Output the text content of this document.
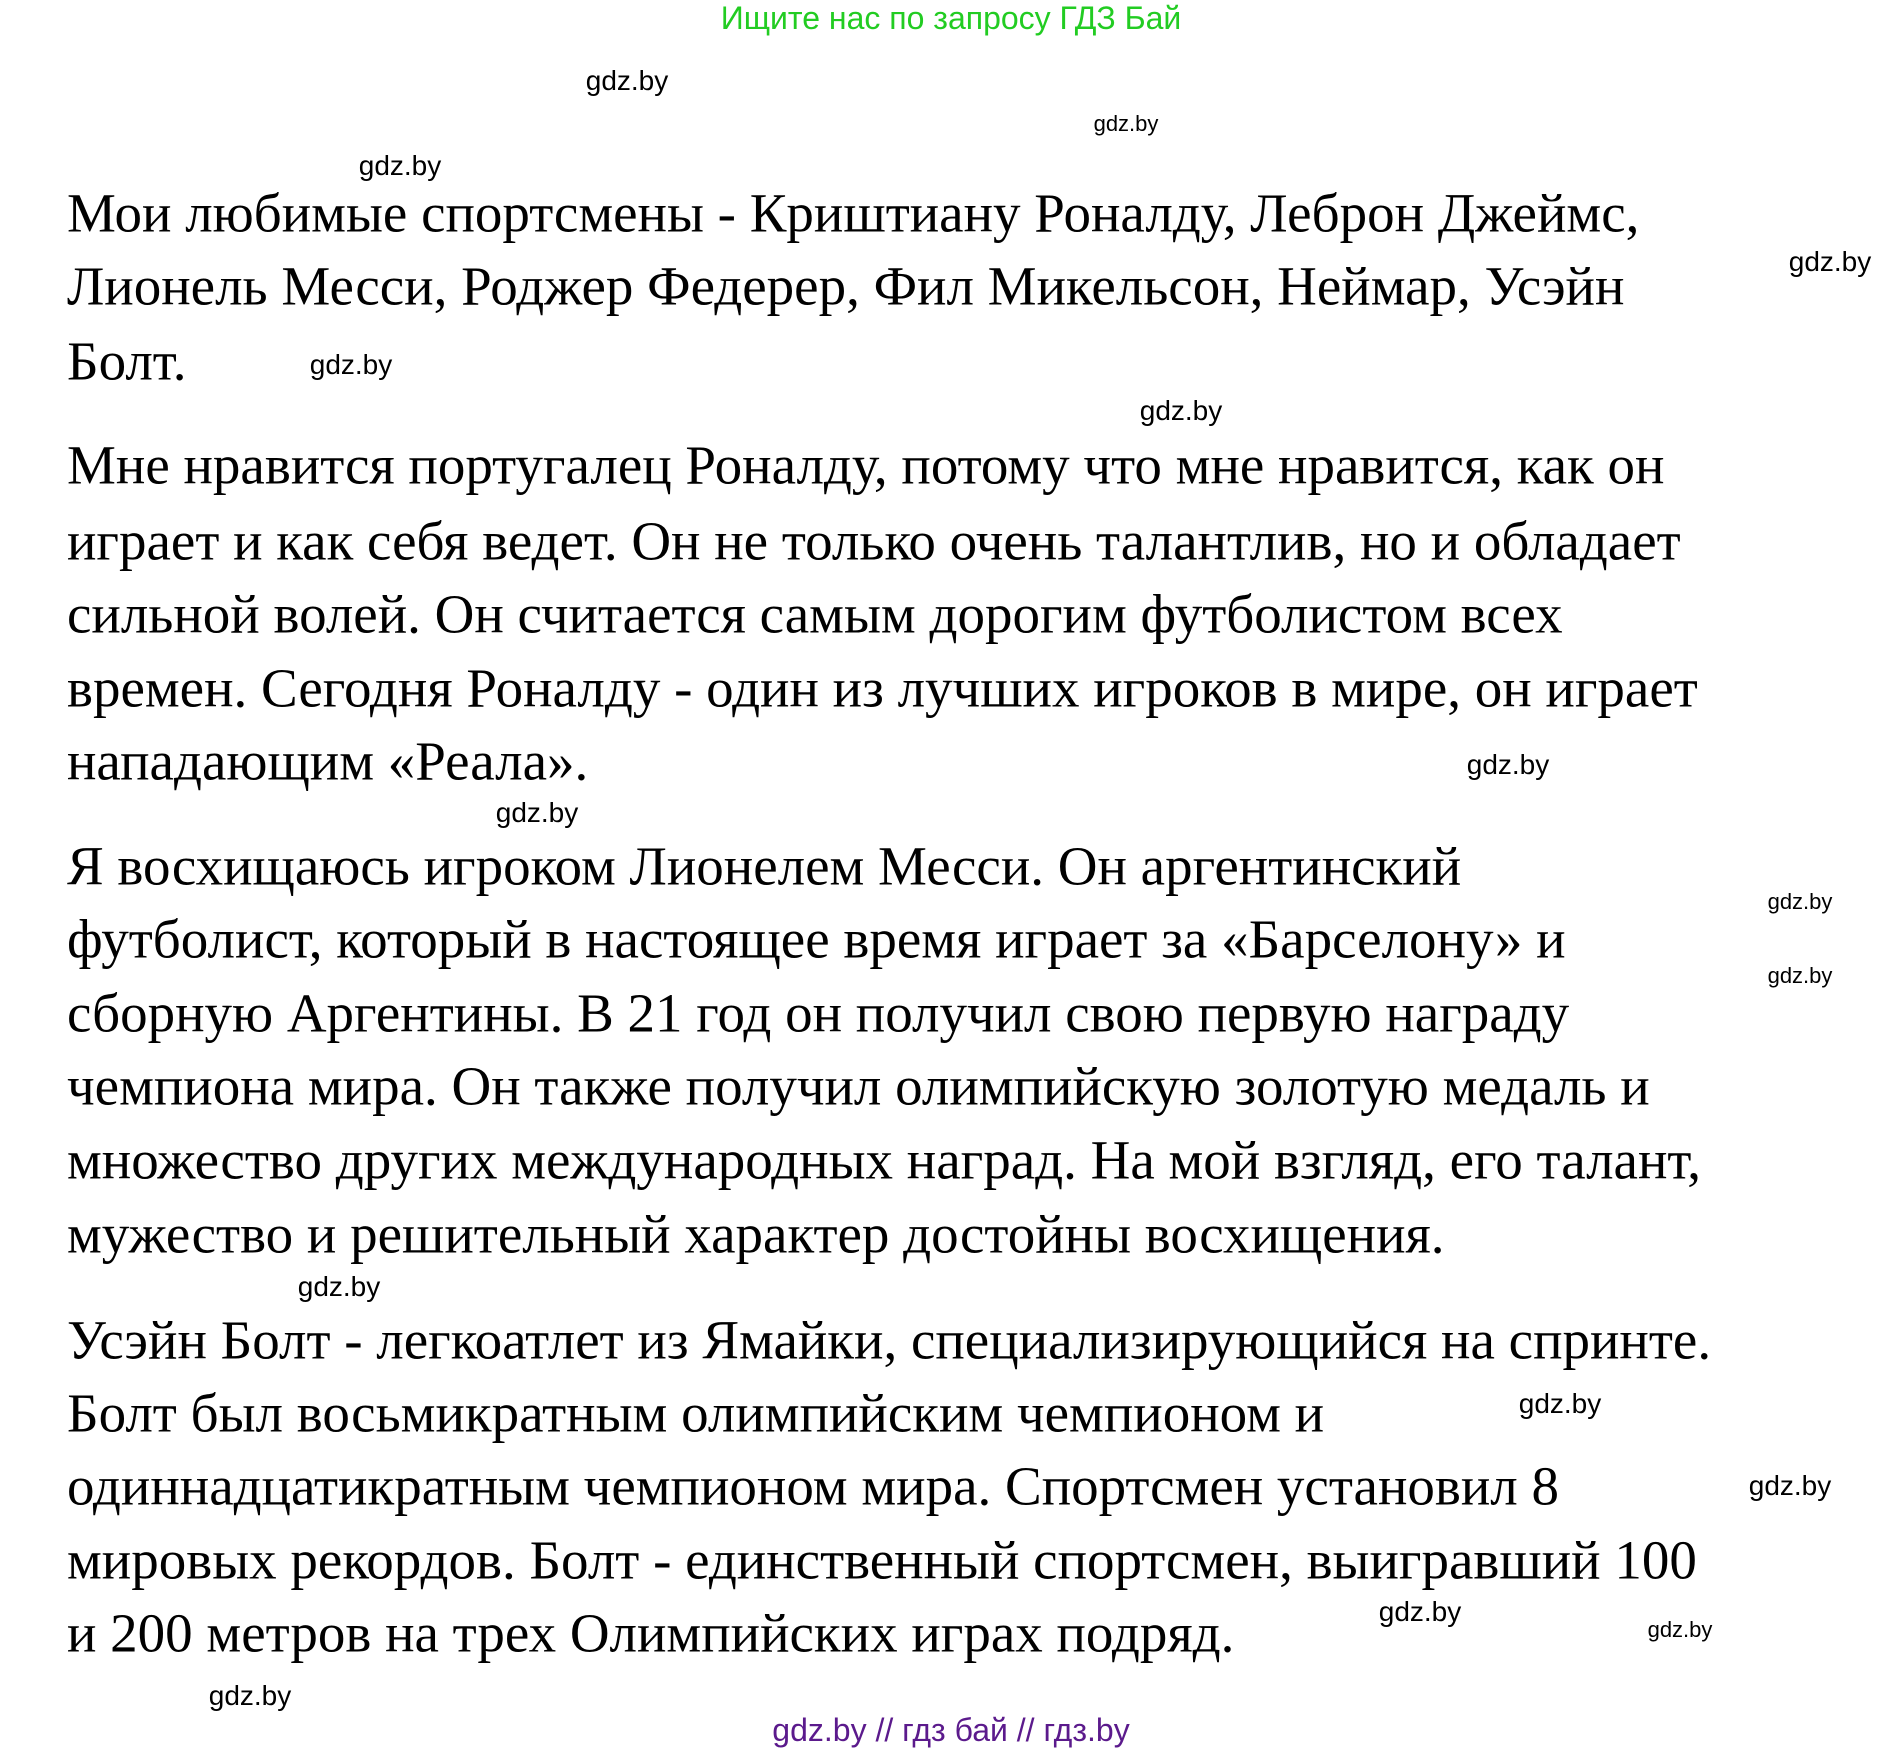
Ищите нас по запросу ГДЗ Бай
Мои любимые спортсмены - Криштиану Роналду, Леброн Джеймс,
Лионель Месси, Роджер Федерер, Фил Микельсон, Неймар, Усэйн
Болт.
Мне нравится португалец Роналду, потому что мне нравится, как он
играет и как себя ведет. Он не только очень талантлив, но и обладает
сильной волей. Он считается самым дорогим футболистом всех
времен. Сегодня Роналду - один из лучших игроков в мире, он играет
нападающим «Реала».
Я восхищаюсь игроком Лионелем Месси. Он аргентинский
футболист, который в настоящее время играет за «Барселону» и
сборную Аргентины. В 21 год он получил свою первую награду
чемпиона мира. Он также получил олимпийскую золотую медаль и
множество других международных наград. На мой взгляд, его талант,
мужество и решительный характер достойны восхищения.
Усэйн Болт - легкоатлет из Ямайки, специализирующийся на спринте.
Болт был восьмикратным олимпийским чемпионом и
одиннадцатикратным чемпионом мира. Спортсмен установил 8
мировых рекордов. Болт - единственный спортсмен, выигравший 100
и 200 метров на трех Олимпийских играх подряд.
gdz.by
gdz.by
gdz.by
gdz.by
gdz.by
gdz.by
gdz.by
gdz.by
gdz.by
gdz.by
gdz.by
gdz.by
gdz.by
gdz.by
gdz.by
gdz.by
gdz.by // гдз бай // гдз.by
